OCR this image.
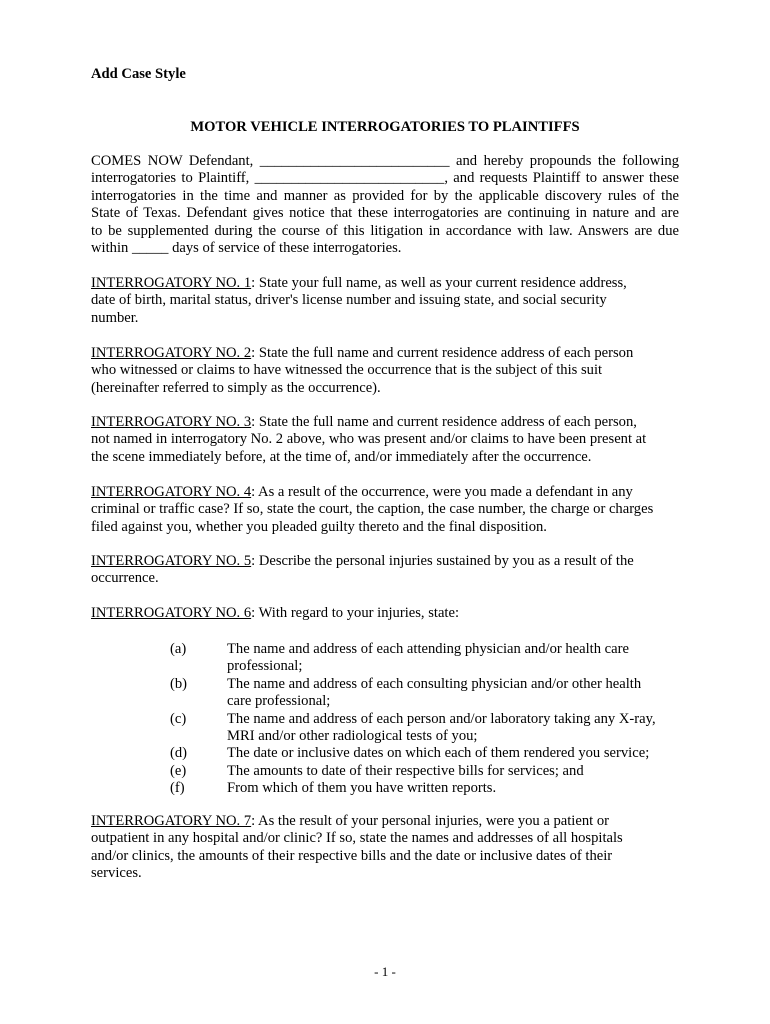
Add Case Style

MOTOR VEHICLE INTERROGATORIES TO PLAINTIFFS

COMES NOW Defendant, __________________________ and hereby propounds the following
interrogatories to Plaintiff, __________________________, and requests Plaintiff to answer these
interrogatories in the time and manner as provided for by the applicable discovery rules of the
State of Texas. Defendant gives notice that these interrogatories are continuing in nature and are
to be supplemented during the course of this litigation in accordance with law. Answers are due
within _____ days of service of these interrogatories.

INTERROGATORY NO. 1: State your full name, as well as your current residence address,
date of birth, marital status, driver's license number and issuing state, and social security
number.

INTERROGATORY NO. 2: State the full name and current residence address of each person
who witnessed or claims to have witnessed the occurrence that is the subject of this suit
(hereinafter referred to simply as the occurrence).

INTERROGATORY NO. 3: State the full name and current residence address of each person,
not named in interrogatory No. 2 above, who was present and/or claims to have been present at
the scene immediately before, at the time of, and/or immediately after the occurrence.

INTERROGATORY NO. 4: As a result of the occurrence, were you made a defendant in any
criminal or traffic case? If so, state the court, the caption, the case number, the charge or charges
filed against you, whether you pleaded guilty thereto and the final disposition.

INTERROGATORY NO. 5: Describe the personal injuries sustained by you as a result of the
occurrence.

INTERROGATORY NO. 6: With regard to your injuries, state:

(a)	The name and address of each attending physician and/or health care
professional;
(b)	The name and address of each consulting physician and/or other health
care professional;
(c)	The name and address of each person and/or laboratory taking any X-ray,
MRI and/or other radiological tests of you;
(d)	The date or inclusive dates on which each of them rendered you service;
(e)	The amounts to date of their respective bills for services; and
(f)	From which of them you have written reports.

INTERROGATORY NO. 7: As the result of your personal injuries, were you a patient or
outpatient in any hospital and/or clinic? If so, state the names and addresses of all hospitals
and/or clinics, the amounts of their respective bills and the date or inclusive dates of their
services.

- 1 -
